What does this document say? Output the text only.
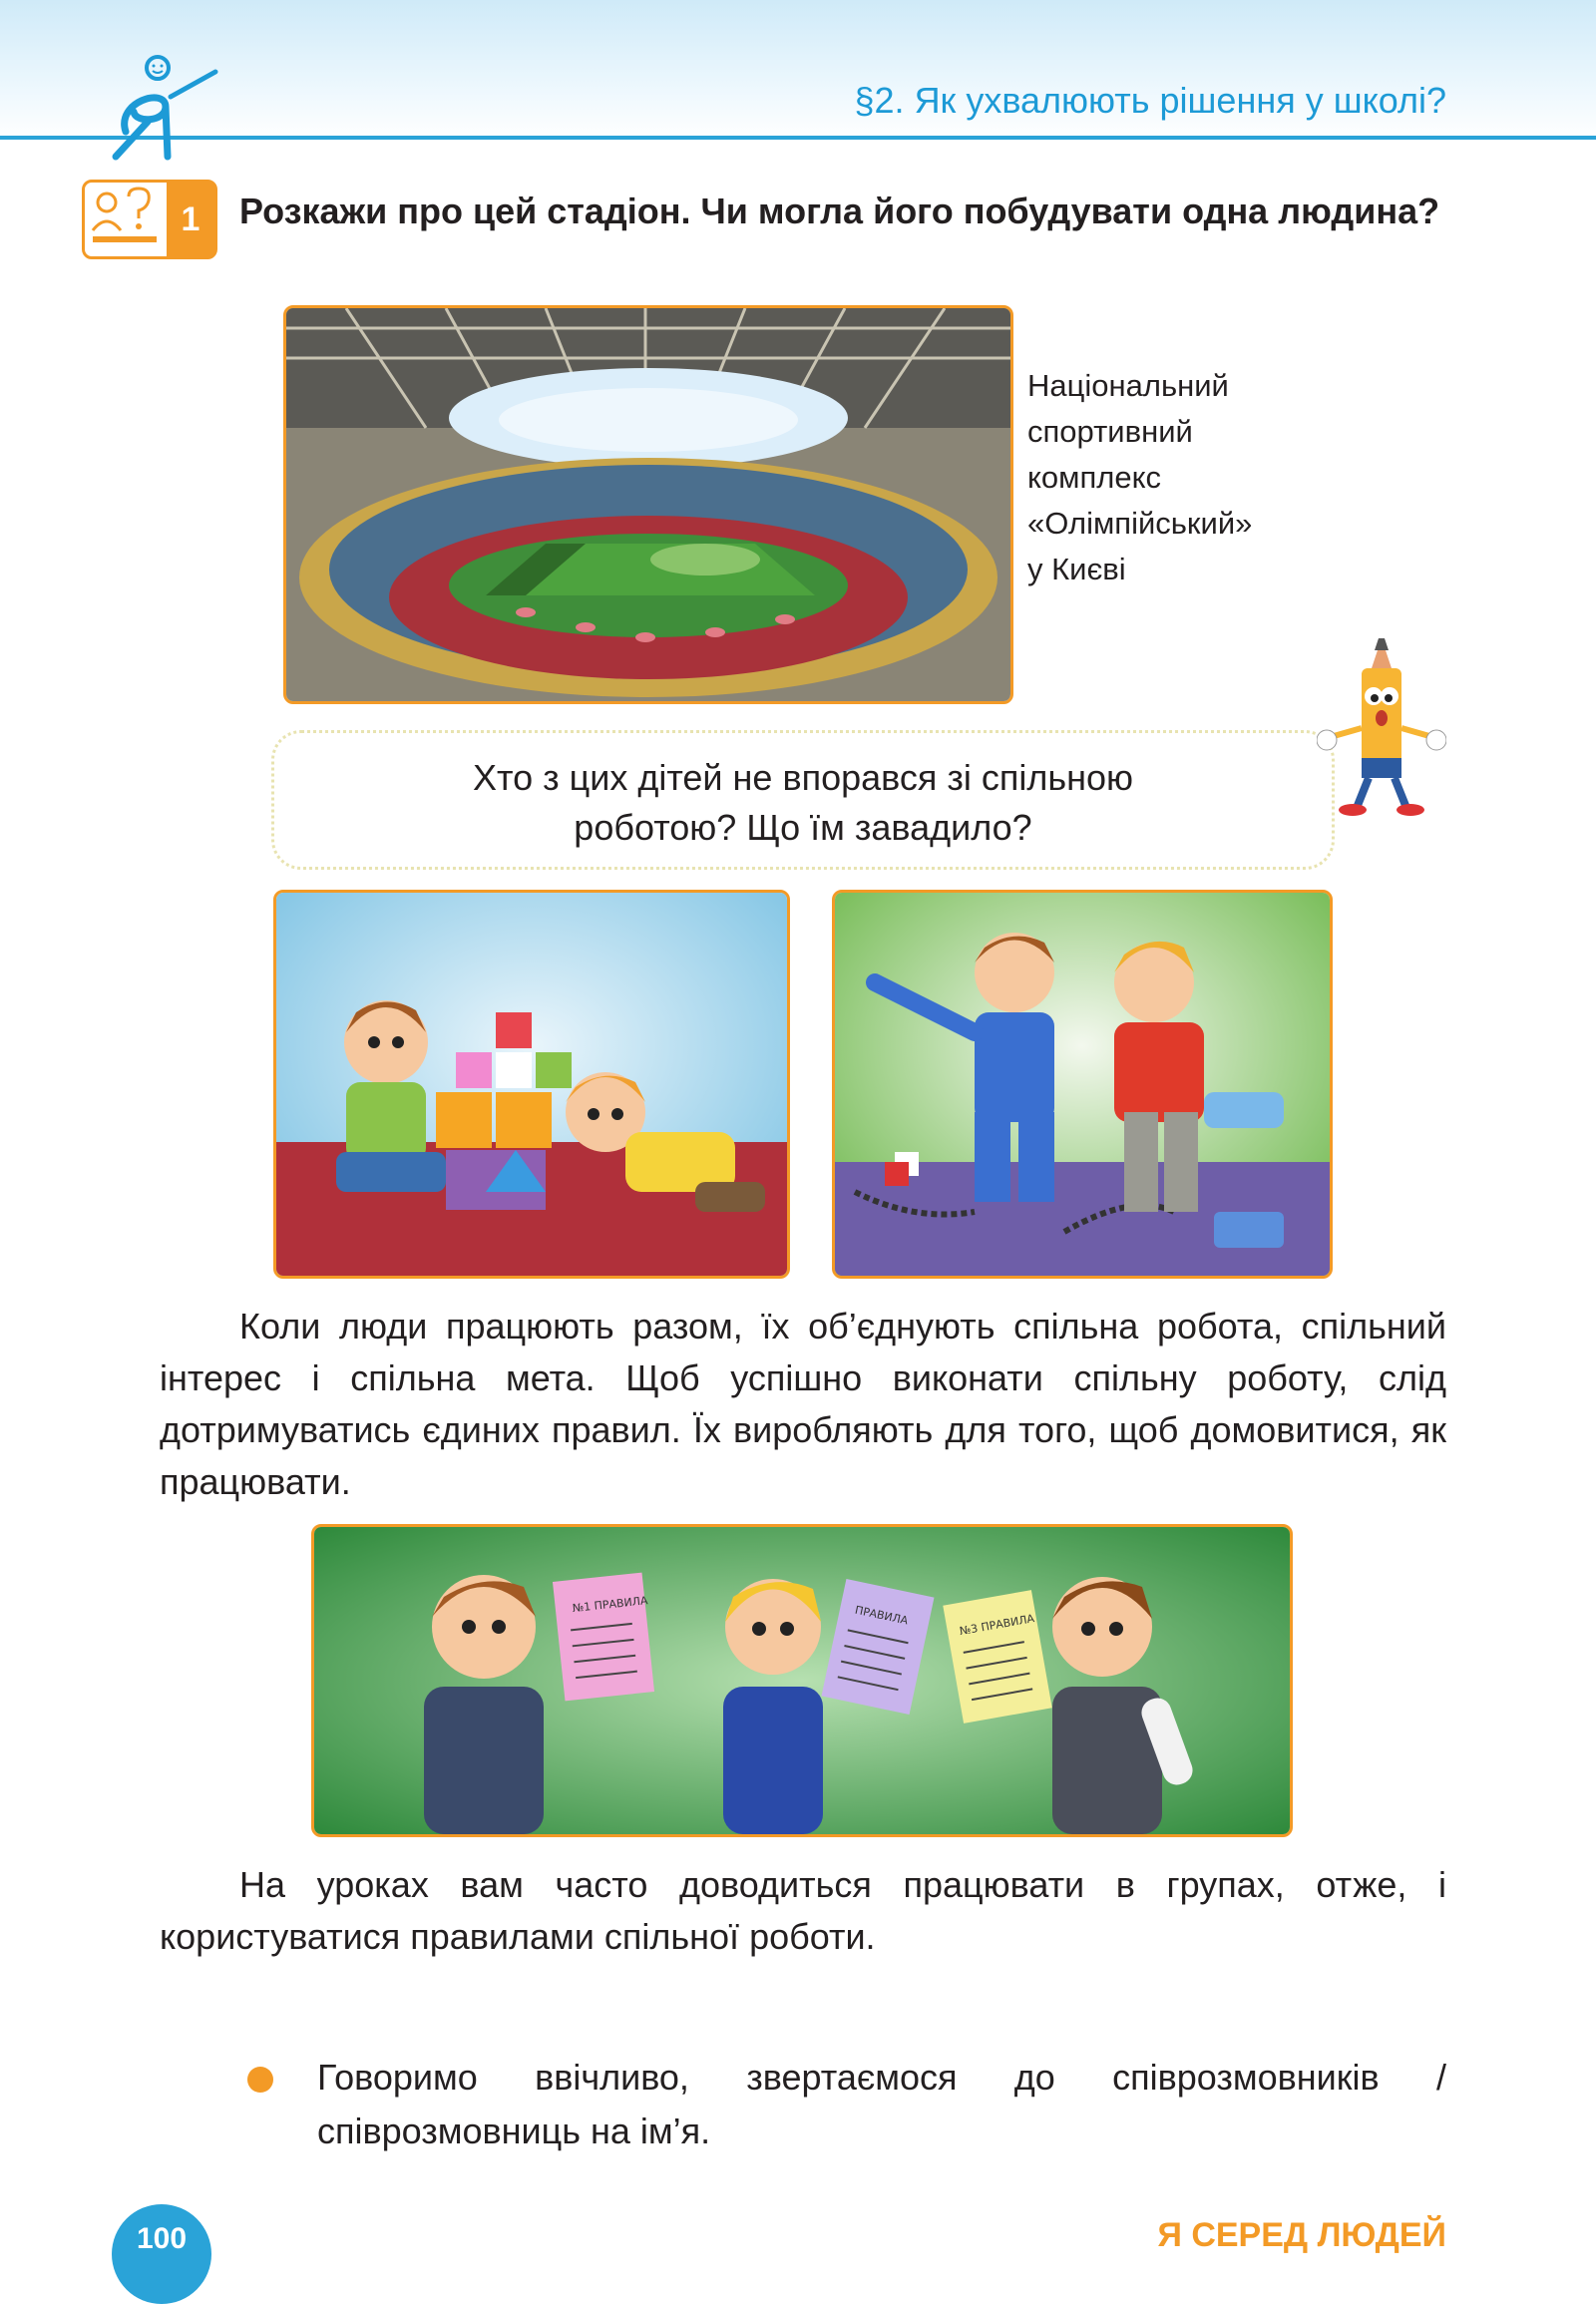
§2. Як ухвалюють рішення у школі?
1	Розкажи про цей стадіон. Чи могла його побудувати одна людина?
Національний
спортивний
комплекс
«Олімпійський»
у Києві
Хто з цих дітей не впорався зі спільною
роботою? Що їм завадило?
Коли люди працюють разом, їх об’єднують спільна робота, спільний інтерес і спільна мета. Щоб успішно виконати спільну роботу, слід дотримуватись єдиних правил. Їх виробляють для того, щоб домовитися, як працювати.
№1 ПРАВИЛА	ПРАВИЛА	№3 ПРАВИЛА
На уроках вам часто доводиться працювати в групах, отже, і користуватися правилами спільної роботи.
Говоримо ввічливо, звертаємося до співрозмовників / співрозмовниць на ім’я.
100	Я СЕРЕД ЛЮДЕЙ
